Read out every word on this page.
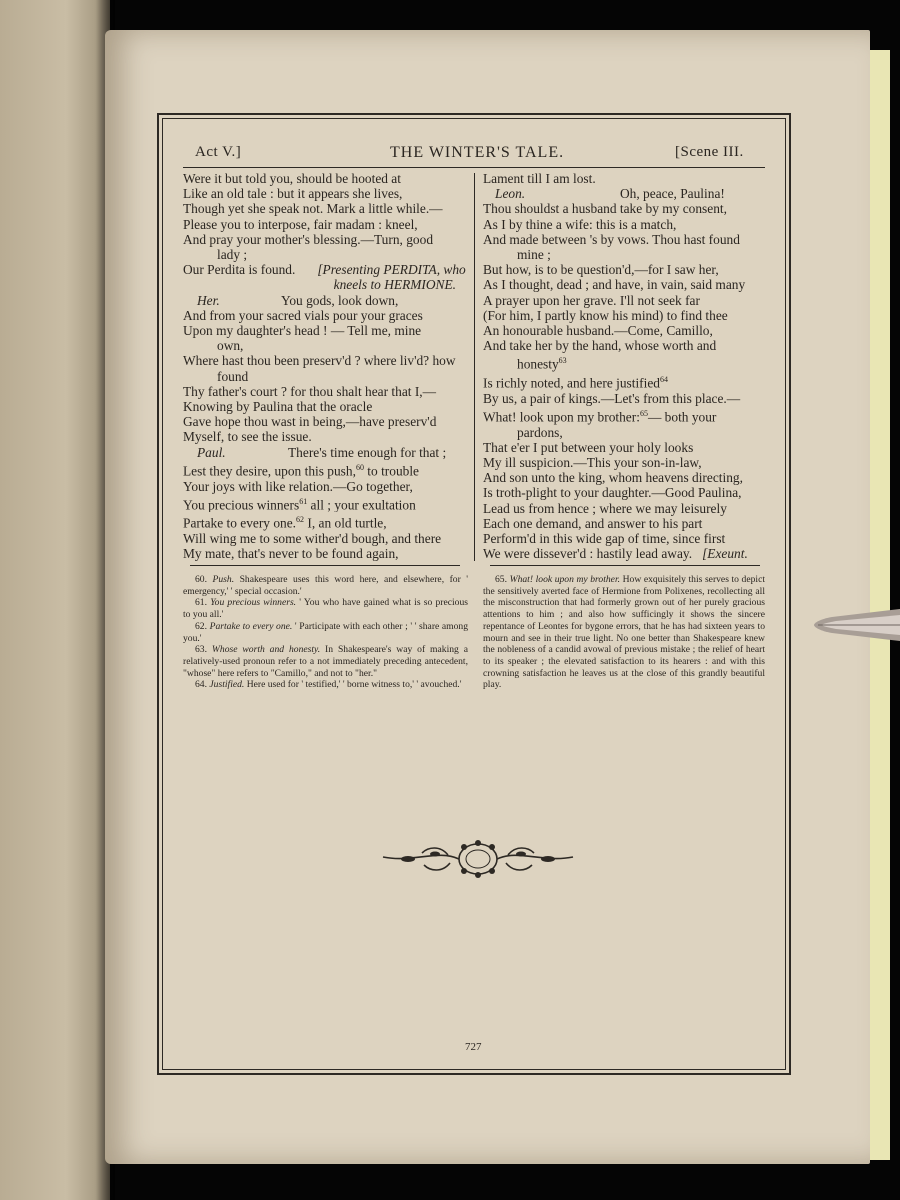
Act V.]	THE WINTER'S TALE.	[Scene III.
Were it but told you, should be hooted at
Like an old tale : but it appears she lives,
Though yet she speak not. Mark a little while.—
Please you to interpose, fair madam : kneel,
And pray your mother's blessing.—Turn, good
lady ;
Our Perdita is found. [Presenting PERDITA, who
kneels to HERMIONE.
Her.	You gods, look down,
And from your sacred vials pour your graces
Upon my daughter's head ! — Tell me, mine
own,
Where hast thou been preserv'd ? where liv'd? how
found
Thy father's court ? for thou shalt hear that I,—
Knowing by Paulina that the oracle
Gave hope thou wast in being,—have preserv'd
Myself, to see the issue.
Paul.	There's time enough for that ;
Lest they desire, upon this push,$^{60}$ to trouble
Your joys with like relation.—Go together,
You precious winners$^{61}$ all ; your exultation
Partake to every one.$^{62}$ I, an old turtle,
Will wing me to some wither'd bough, and there
My mate, that's never to be found again,
Lament till I am lost.
Leon.	Oh, peace, Paulina!
Thou shouldst a husband take by my consent,
As I by thine a wife: this is a match,
And made between 's by vows. Thou hast found
mine ;
But how, is to be question'd,—for I saw her,
As I thought, dead ; and have, in vain, said many
A prayer upon her grave. I'll not seek far
(For him, I partly know his mind) to find thee
An honourable husband.—Come, Camillo,
And take her by the hand, whose worth and
honesty$^{63}$
Is richly noted, and here justified$^{64}$
By us, a pair of kings.—Let's from this place.—
What! look upon my brother:$^{65}$— both your
pardons,
That e'er I put between your holy looks
My ill suspicion.—This your son-in-law,
And son unto the king, whom heavens directing,
Is troth-plight to your daughter.—Good Paulina,
Lead us from hence ; where we may leisurely
Each one demand, and answer to his part
Perform'd in this wide gap of time, since first
We were dissever'd : hastily lead away. [Exeunt.

60. Push. Shakespeare uses this word here, and elsewhere, for ' emergency,' ' special occasion.'

61. You precious winners. ' You who have gained what is so precious to you all.'

62. Partake to every one. ' Participate with each other ; ' ' share among you.'

63. Whose worth and honesty. In Shakespeare's way of making a relatively-used pronoun refer to a not immediately preceding antecedent, "whose" here refers to "Camillo," and not to "her."

64. Justified. Here used for ' testified,' ' borne witness to,' ' avouched.'

65. What! look upon my brother. How exquisitely this serves to depict the sensitively averted face of Hermione from Polixenes, recollecting all the misconstruction that had formerly grown out of her purely gracious attentions to him ; and also how sufficingly it shows the sincere repentance of Leontes for bygone errors, that he has had sixteen years to mourn and see in their true light. No one better than Shakespeare knew the nobleness of a candid avowal of previous mistake ; the relief of heart to its speaker ; the elevated satisfaction to its hearers : and with this crowning satisfaction he leaves us at the close of this grandly beautiful play.

727
